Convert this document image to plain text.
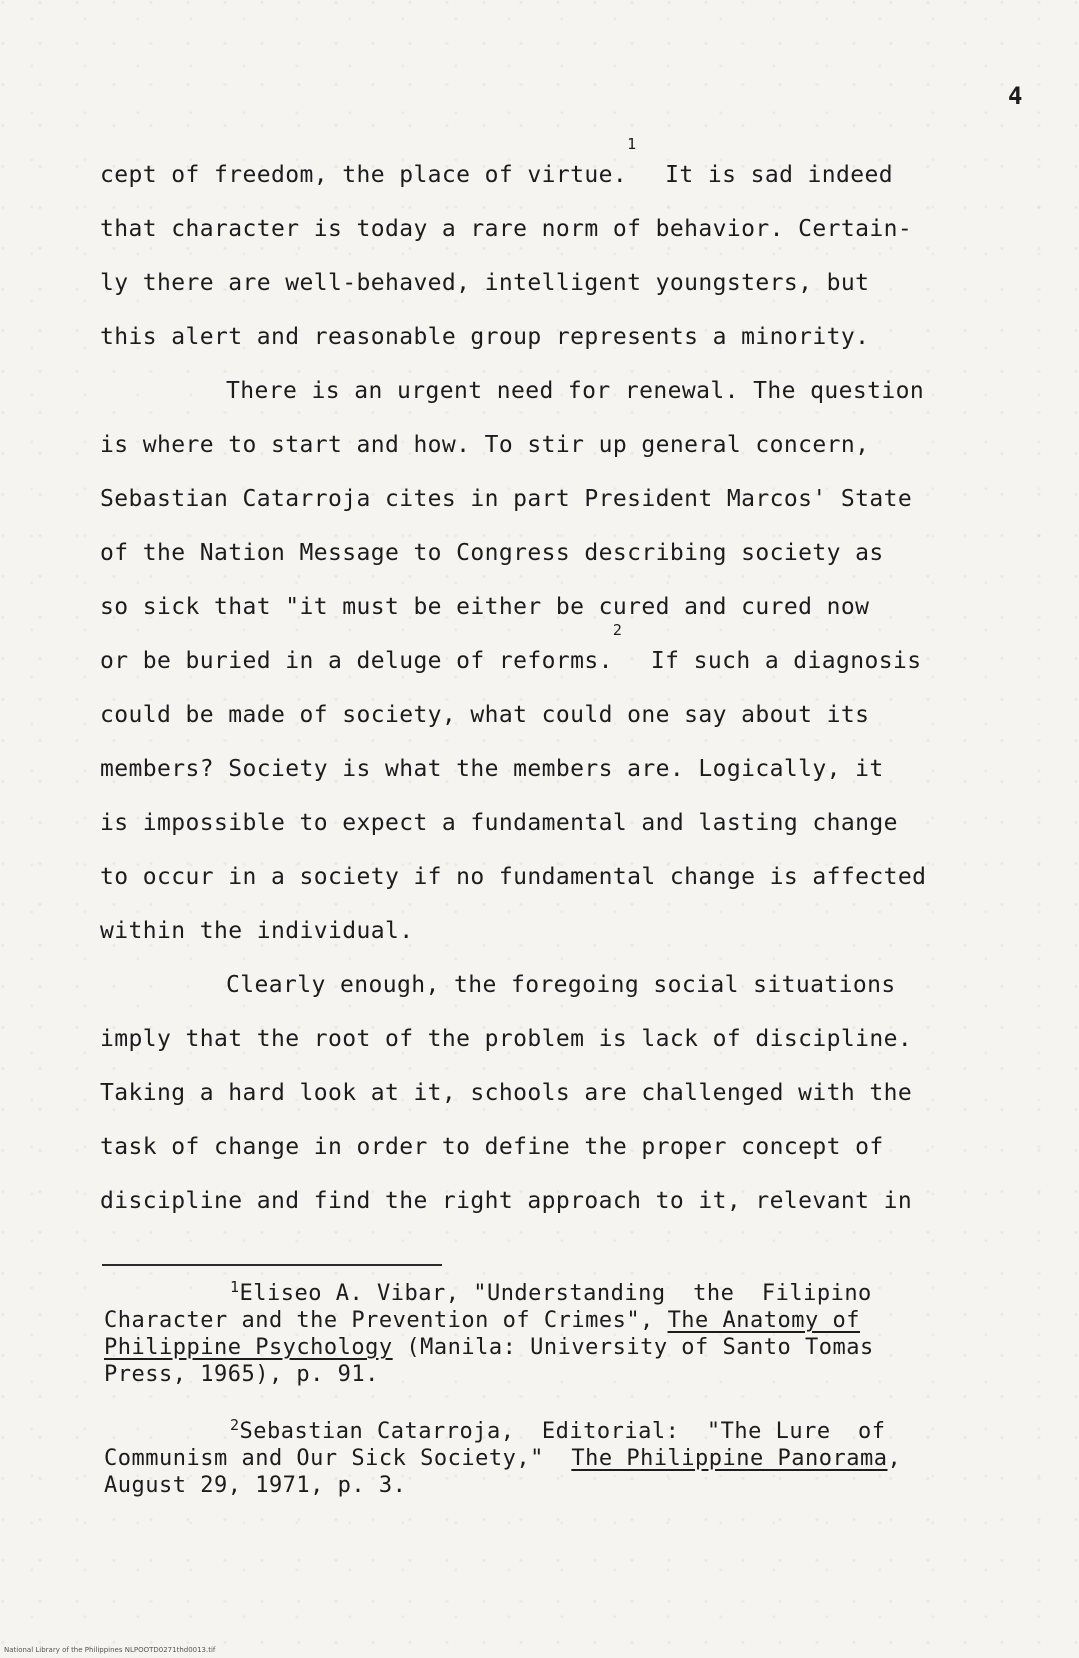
4
cept of freedom, the place of virtue.$^1$  It is sad indeed
that character is today a rare norm of behavior. Certain-
ly there are well-behaved, intelligent youngsters, but
this alert and reasonable group represents a minority.
There is an urgent need for renewal. The question
is where to start and how. To stir up general concern,
Sebastian Catarroja cites in part President Marcos' State
of the Nation Message to Congress describing society as
so sick that "it must be either be cured and cured now
or be buried in a deluge of reforms.$^2$  If such a diagnosis
could be made of society, what could one say about its
members? Society is what the members are. Logically, it
is impossible to expect a fundamental and lasting change
to occur in a society if no fundamental change is affected
within the individual.
Clearly enough, the foregoing social situations
imply that the root of the problem is lack of discipline.
Taking a hard look at it, schools are challenged with the
task of change in order to define the proper concept of
discipline and find the right approach to it, relevant in
$^1$Eliseo A. Vibar, "Understanding  the  Filipino
Character and the Prevention of Crimes", The Anatomy of
Philippine Psychology (Manila: University of Santo Tomas
Press, 1965), p. 91.
$^2$Sebastian Catarroja,  Editorial:  "The Lure  of
Communism and Our Sick Society,"  The Philippine Panorama,
August 29, 1971, p. 3.
National Library of the Philippines NLPOOTD0271thd0013.tif
